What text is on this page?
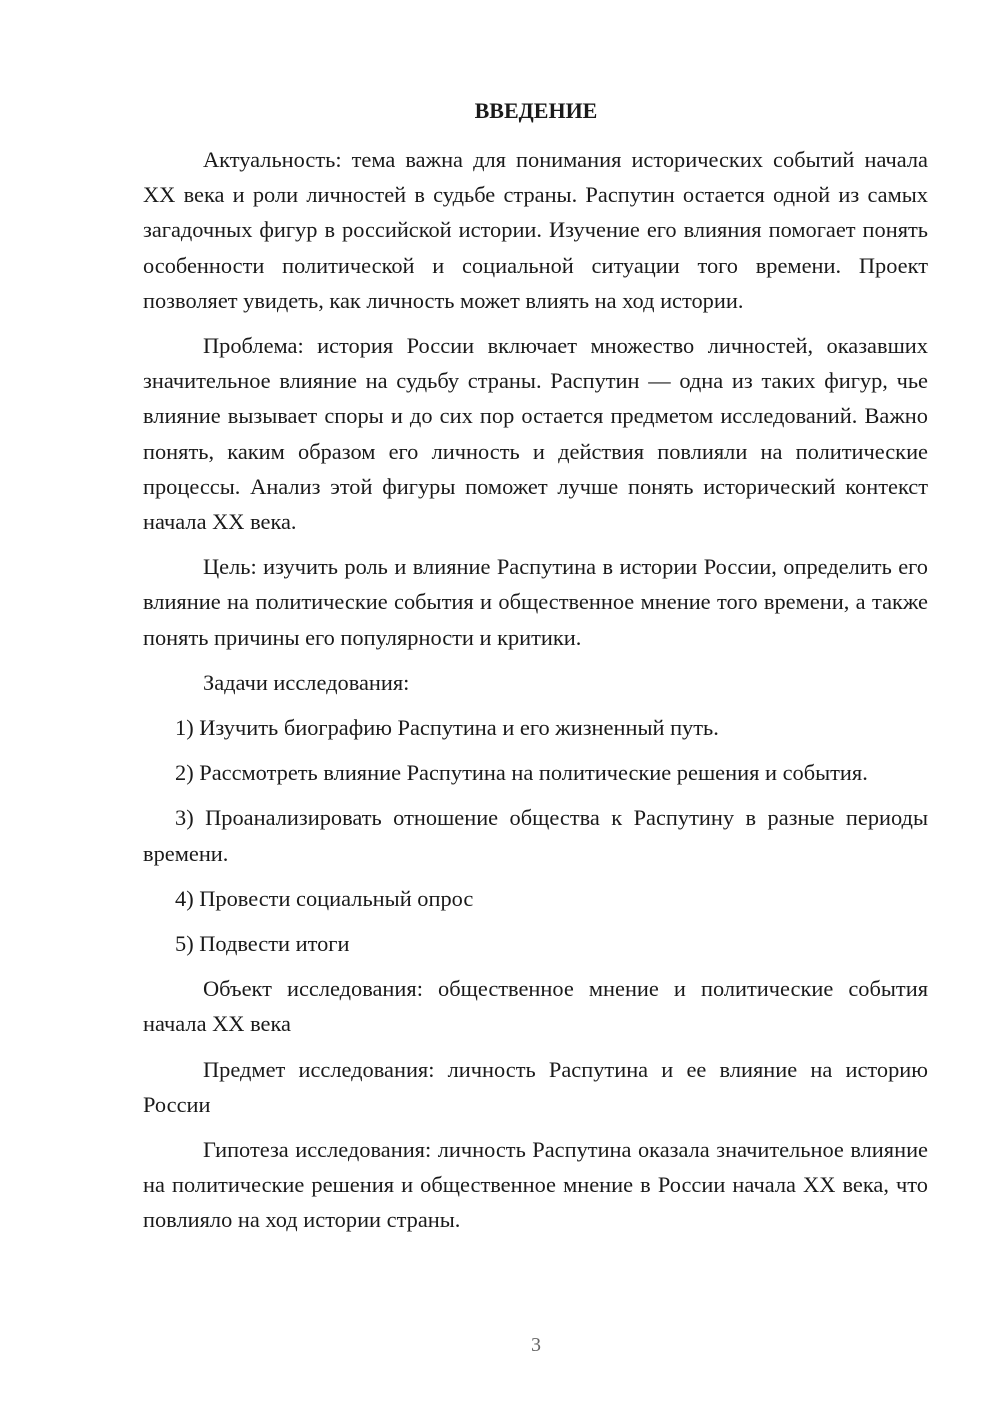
ВВЕДЕНИЕ

Актуальность: тема важна для понимания исторических событий начала XX века и роли личностей в судьбе страны. Распутин остается одной из самых загадочных фигур в российской истории. Изучение его влияния помогает понять особенности политической и социальной ситуации того времени. Проект позволяет увидеть, как личность может влиять на ход истории.

Проблема: история России включает множество личностей, оказавших значительное влияние на судьбу страны. Распутин — одна из таких фигур, чье влияние вызывает споры и до сих пор остается предметом исследований. Важно понять, каким образом его личность и действия повлияли на политические процессы. Анализ этой фигуры поможет лучше понять исторический контекст начала XX века.

Цель: изучить роль и влияние Распутина в истории России, определить его влияние на политические события и общественное мнение того времени, а также понять причины его популярности и критики.

Задачи исследования:

1) Изучить биографию Распутина и его жизненный путь.

2) Рассмотреть влияние Распутина на политические решения и события.

3) Проанализировать отношение общества к Распутину в разные периоды времени.

4) Провести социальный опрос

5) Подвести итоги

Объект исследования: общественное мнение и политические события начала XX века

Предмет исследования: личность Распутина и ее влияние на историю России

Гипотеза исследования: личность Распутина оказала значительное влияние на политические решения и общественное мнение в России начала XX века, что повлияло на ход истории страны.

3
